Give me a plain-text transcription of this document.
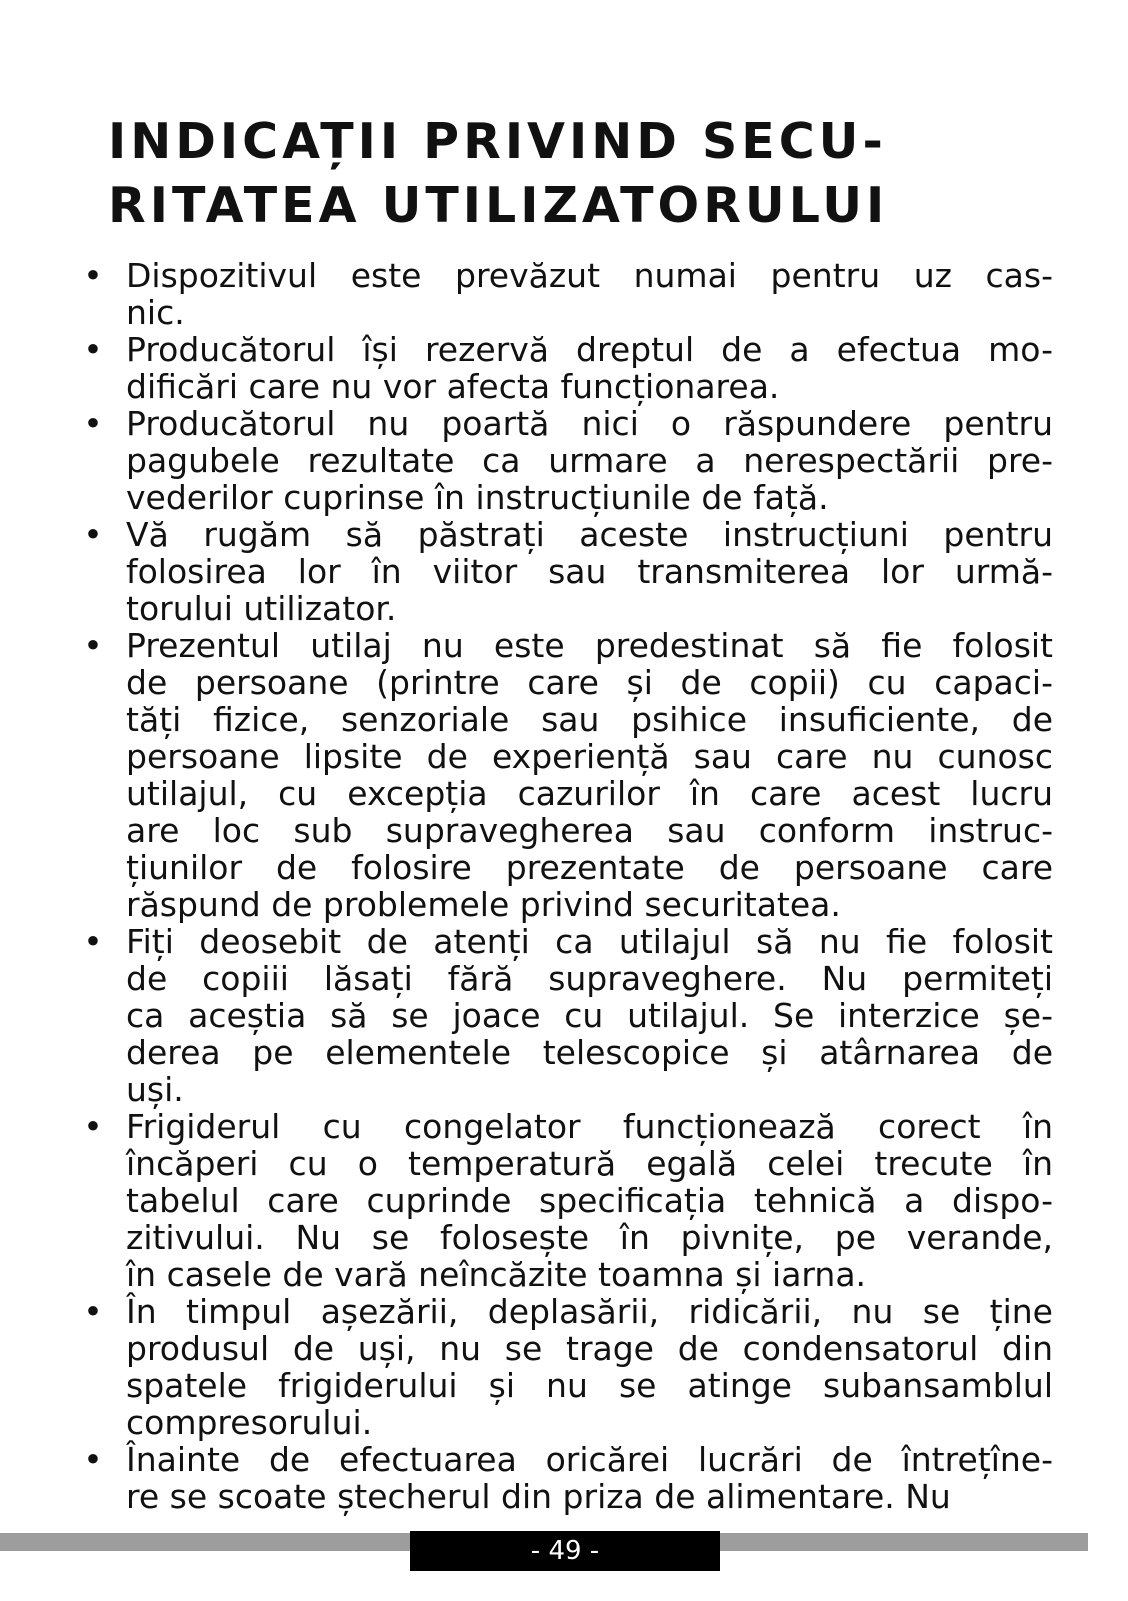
INDICAȚII PRIVIND SECU-
RITATEA UTILIZATORULUI
• Dispozitivul este prevăzut numai pentru uz cas-
nic.
• Producătorul își rezervă dreptul de a efectua mo-
dificări care nu vor afecta funcționarea.
• Producătorul nu poartă nici o răspundere pentru
pagubele rezultate ca urmare a nerespectării pre-
vederilor cuprinse în instrucțiunile de față.
• Vă rugăm să păstrați aceste instrucțiuni pentru
folosirea lor în viitor sau transmiterea lor urmă-
torului utilizator.
• Prezentul utilaj nu este predestinat să fie folosit
de persoane (printre care și de copii) cu capaci-
tăți fizice, senzoriale sau psihice insuficiente, de
persoane lipsite de experiență sau care nu cunosc
utilajul, cu excepția cazurilor în care acest lucru
are loc sub supravegherea sau conform instruc-
țiunilor de folosire prezentate de persoane care
răspund de problemele privind securitatea.
• Fiți deosebit de atenți ca utilajul să nu fie folosit
de copiii lăsați fără supraveghere. Nu permiteți
ca aceștia să se joace cu utilajul. Se interzice șe-
derea pe elementele telescopice și atârnarea de
uși.
• Frigiderul cu congelator funcționează corect în
încăperi cu o temperatură egală celei trecute în
tabelul care cuprinde specificația tehnică a dispo-
zitivului. Nu se folosește în pivnițe, pe verande,
în casele de vară neîncăzite toamna și iarna.
• În timpul așezării, deplasării, ridicării, nu se ține
produsul de uși, nu se trage de condensatorul din
spatele frigiderului și nu se atinge subansamblul
compresorului.
• Înainte de efectuarea oricărei lucrări de întrețîne-
re se scoate ștecherul din priza de alimentare. Nu
- 49 -
